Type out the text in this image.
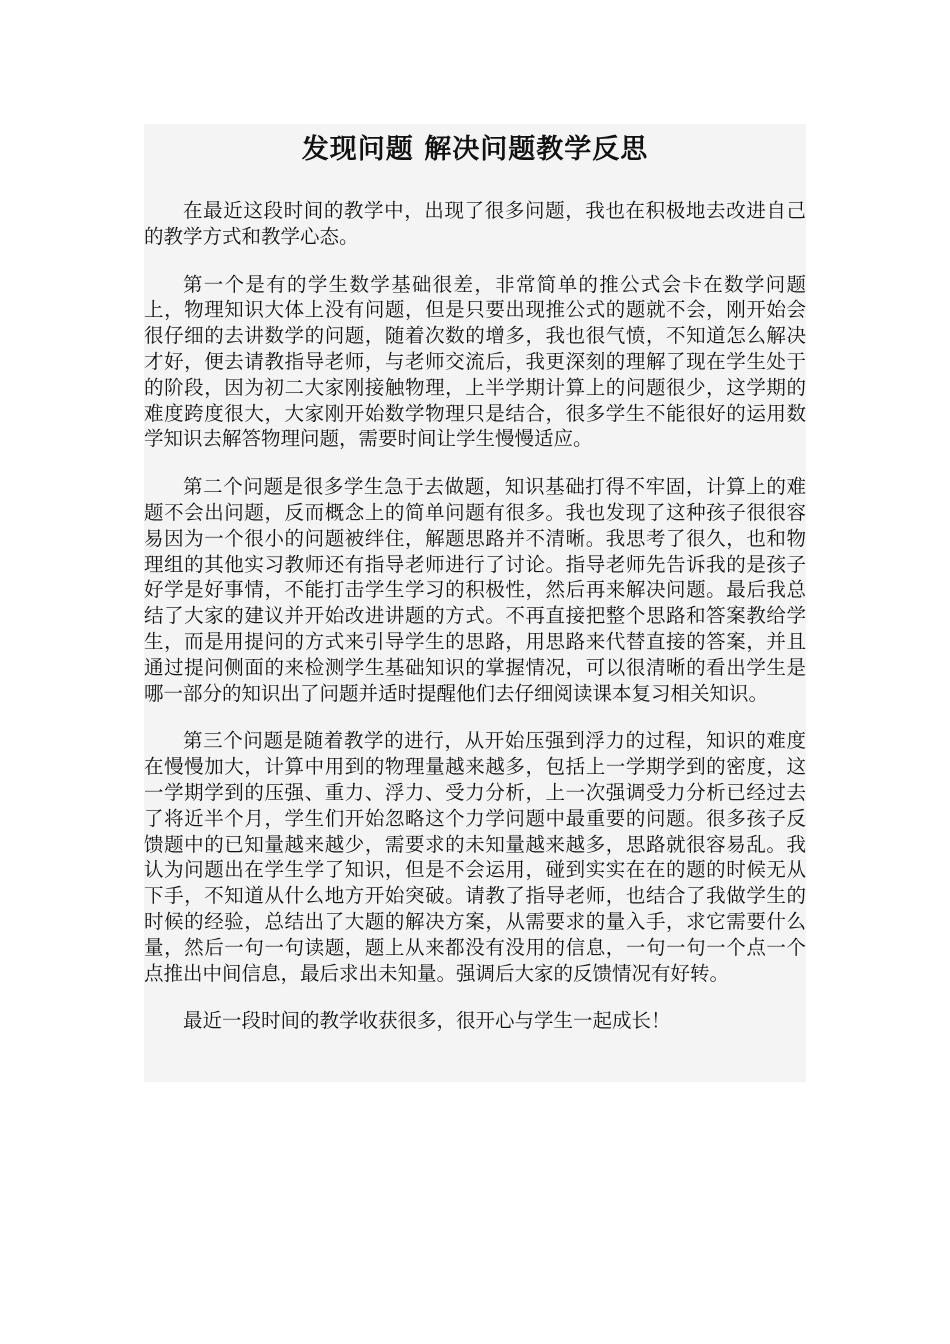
发现问题 解决问题教学反思

在最近这段时间的教学中，出现了很多问题，我也在积极地去改进自己的教学方式和教学心态。

第一个是有的学生数学基础很差，非常简单的推公式会卡在数学问题上，物理知识大体上没有问题，但是只要出现推公式的题就不会，刚开始会很仔细的去讲数学的问题，随着次数的增多，我也很气愤，不知道怎么解决才好，便去请教指导老师，与老师交流后，我更深刻的理解了现在学生处于的阶段，因为初二大家刚接触物理，上半学期计算上的问题很少，这学期的难度跨度很大，大家刚开始数学物理只是结合，很多学生不能很好的运用数学知识去解答物理问题，需要时间让学生慢慢适应。

第二个问题是很多学生急于去做题，知识基础打得不牢固，计算上的难题不会出问题，反而概念上的简单问题有很多。我也发现了这种孩子很很容易因为一个很小的问题被绊住，解题思路并不清晰。我思考了很久，也和物理组的其他实习教师还有指导老师进行了讨论。指导老师先告诉我的是孩子好学是好事情，不能打击学生学习的积极性，然后再来解决问题。最后我总结了大家的建议并开始改进讲题的方式。不再直接把整个思路和答案教给学生，而是用提问的方式来引导学生的思路，用思路来代替直接的答案，并且通过提问侧面的来检测学生基础知识的掌握情况，可以很清晰的看出学生是哪一部分的知识出了问题并适时提醒他们去仔细阅读课本复习相关知识。

第三个问题是随着教学的进行，从开始压强到浮力的过程，知识的难度在慢慢加大，计算中用到的物理量越来越多，包括上一学期学到的密度，这一学期学到的压强、重力、浮力、受力分析，上一次强调受力分析已经过去了将近半个月，学生们开始忽略这个力学问题中最重要的问题。很多孩子反馈题中的已知量越来越少，需要求的未知量越来越多，思路就很容易乱。我认为问题出在学生学了知识，但是不会运用，碰到实实在在的题的时候无从下手，不知道从什么地方开始突破。请教了指导老师，也结合了我做学生的时候的经验，总结出了大题的解决方案，从需要求的量入手，求它需要什么量，然后一句一句读题，题上从来都没有没用的信息，一句一句一个点一个点推出中间信息，最后求出未知量。强调后大家的反馈情况有好转。

最近一段时间的教学收获很多，很开心与学生一起成长！
